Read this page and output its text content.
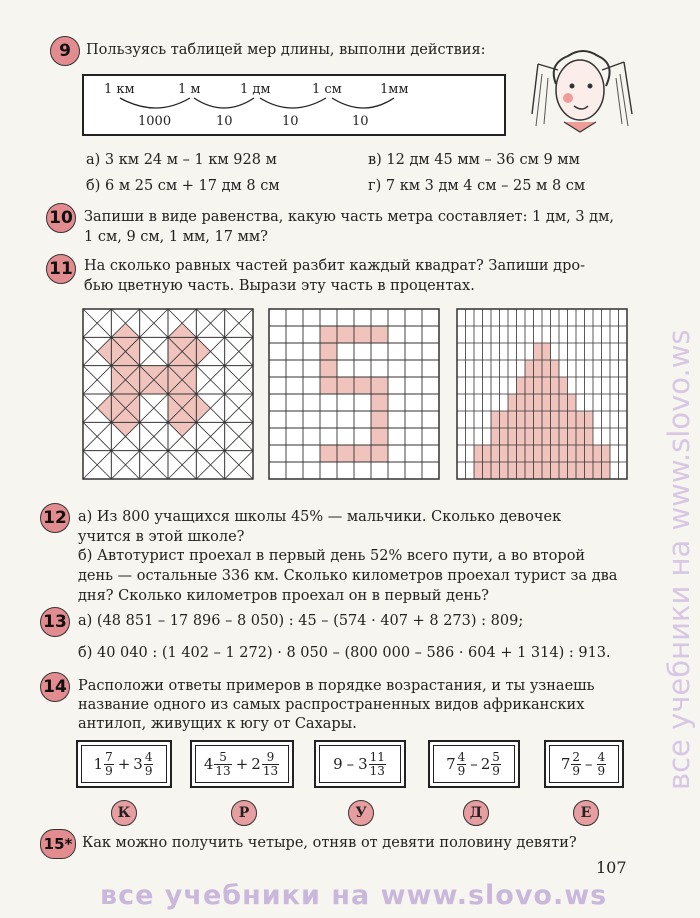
9	Пользуясь таблицей мер длины, выполни действия:
1 км	1 м	1 дм	1 см	1мм
1000	10	10	10
а) 3 км 24 м – 1 км 928 м
б) 6 м 25 см + 17 дм 8 см
в) 12 дм 45 мм – 36 см 9 мм
г) 7 км 3 дм 4 см – 25 м 8 см
10 Запиши в виде равенства, какую часть метра составляет: 1 дм, 3 дм,
1 см, 9 см, 1 мм, 17 мм?
11 На сколько равных частей разбит каждый квадрат? Запиши дро-
бью цветную часть. Вырази эту часть в процентах.
12 а) Из 800 учащихся школы 45% — мальчики. Сколько девочек
учится в этой школе?
б) Автотурист проехал в первый день 52% всего пути, а во второй
день — остальные 336 км. Сколько километров проехал турист за два
дня? Сколько километров проехал он в первый день?
13 а) (48 851 – 17 896 – 8 050) : 45 – (574 · 407 + 8 273) : 809;
б) 40 040 : (1 402 – 1 272) · 8 050 – (800 000 – 586 · 604 + 1 314) : 913.
14 Расположи ответы примеров в порядке возрастания, и ты узнаешь
название одного из самых распространенных видов африканских
антилоп, живущих к югу от Сахары.
$1 \frac{7}{9} + 3 \frac{4}{9}$	$4 \frac{5}{13} + 2 \frac{9}{13}$	$9 - 3 \frac{11}{13}$	$7 \frac{4}{9} - 2 \frac{5}{9}$	$7 \frac{2}{9} - \frac{4}{9}$
К	Р	У	Д	Е
15* Как можно получить четыре, отняв от девяти половину девяти?
107
все учебники на www.slovo.ws
все учебники на www.slovo.ws
